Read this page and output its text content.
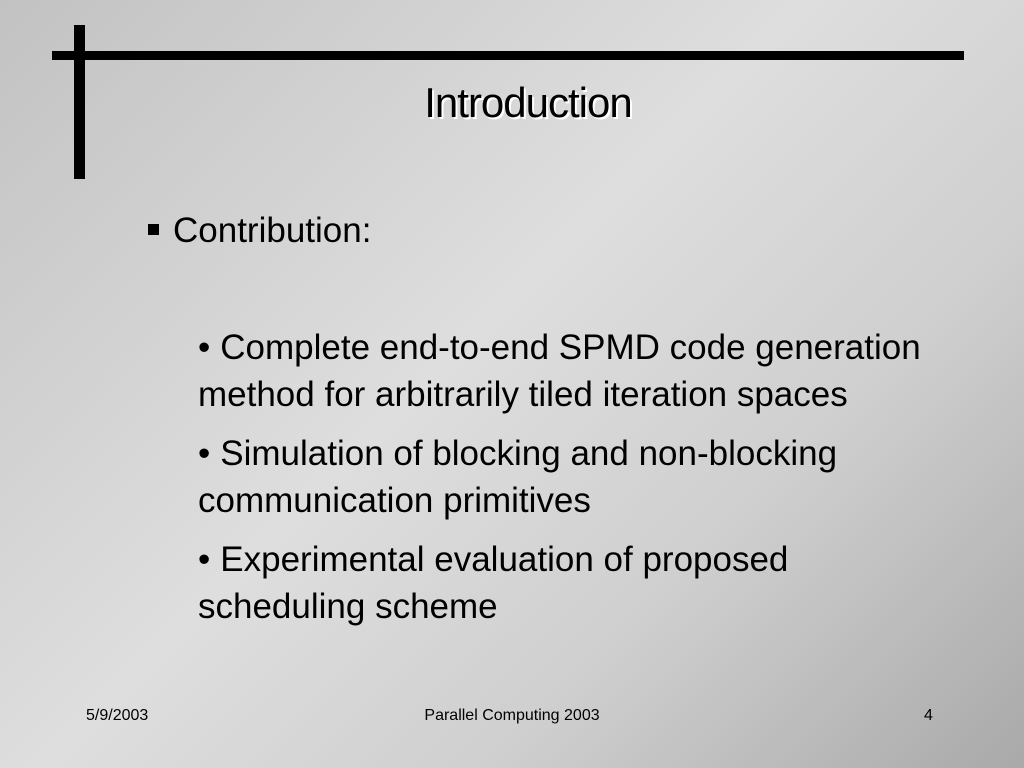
Introduction
Contribution:
• Complete end-to-end SPMD code generation method for arbitrarily tiled iteration spaces
• Simulation of blocking and non-blocking communication primitives
• Experimental evaluation of proposed scheduling scheme
5/9/2003	Parallel Computing 2003	4
